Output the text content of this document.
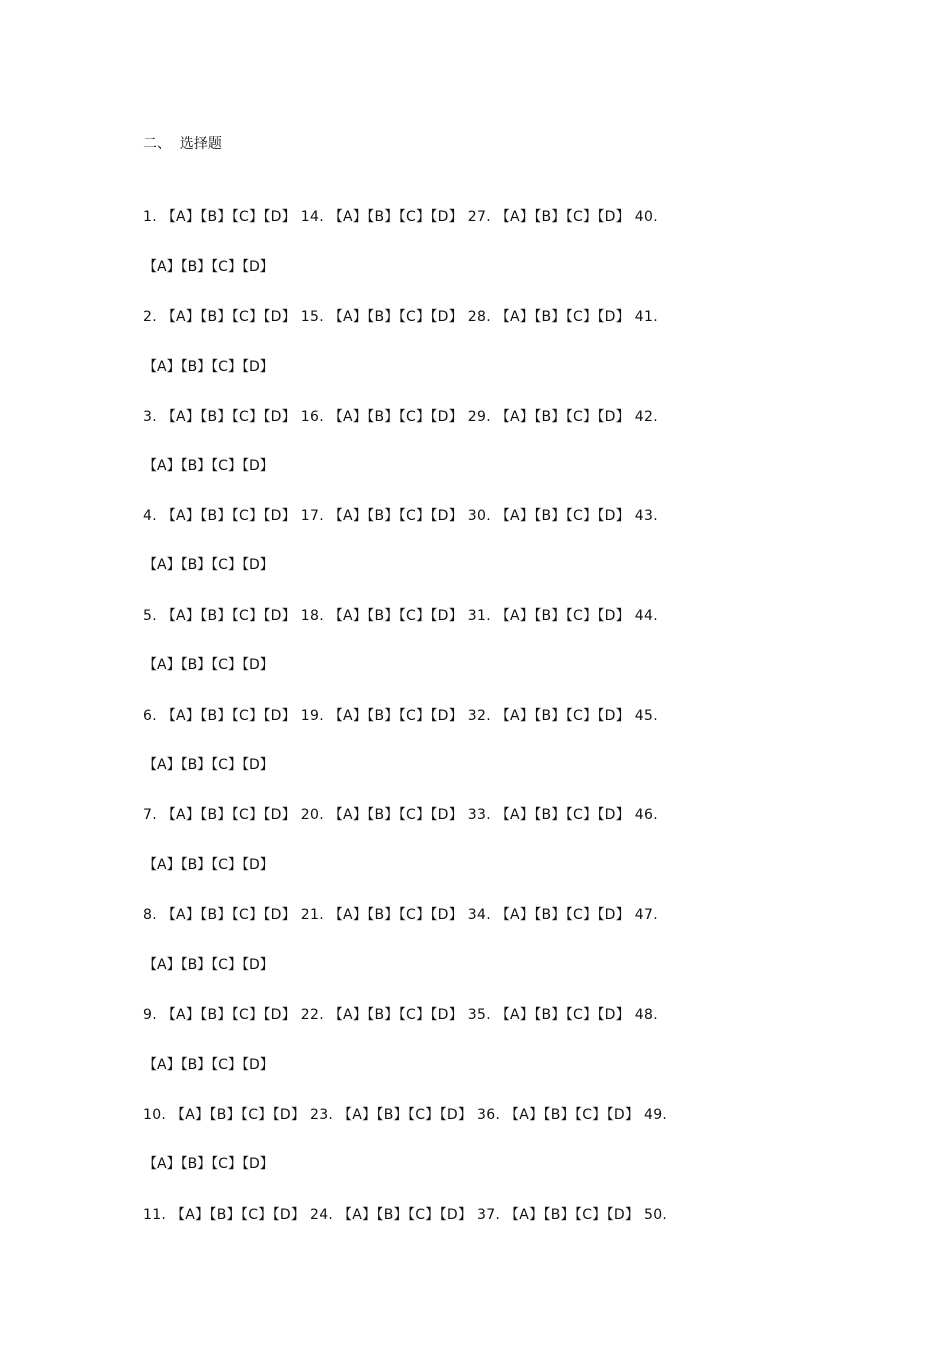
二、  选择题
1. 【A】【B】【C】【D】 14. 【A】【B】【C】【D】 27. 【A】【B】【C】【D】 40.
【A】【B】【C】【D】
2. 【A】【B】【C】【D】 15. 【A】【B】【C】【D】 28. 【A】【B】【C】【D】 41.
【A】【B】【C】【D】
3. 【A】【B】【C】【D】 16. 【A】【B】【C】【D】 29. 【A】【B】【C】【D】 42.
【A】【B】【C】【D】
4. 【A】【B】【C】【D】 17. 【A】【B】【C】【D】 30. 【A】【B】【C】【D】 43.
【A】【B】【C】【D】
5. 【A】【B】【C】【D】 18. 【A】【B】【C】【D】 31. 【A】【B】【C】【D】 44.
【A】【B】【C】【D】
6. 【A】【B】【C】【D】 19. 【A】【B】【C】【D】 32. 【A】【B】【C】【D】 45.
【A】【B】【C】【D】
7. 【A】【B】【C】【D】 20. 【A】【B】【C】【D】 33. 【A】【B】【C】【D】 46.
【A】【B】【C】【D】
8. 【A】【B】【C】【D】 21. 【A】【B】【C】【D】 34. 【A】【B】【C】【D】 47.
【A】【B】【C】【D】
9. 【A】【B】【C】【D】 22. 【A】【B】【C】【D】 35. 【A】【B】【C】【D】 48.
【A】【B】【C】【D】
10. 【A】【B】【C】【D】 23. 【A】【B】【C】【D】 36. 【A】【B】【C】【D】 49.
【A】【B】【C】【D】
11. 【A】【B】【C】【D】 24. 【A】【B】【C】【D】 37. 【A】【B】【C】【D】 50.
